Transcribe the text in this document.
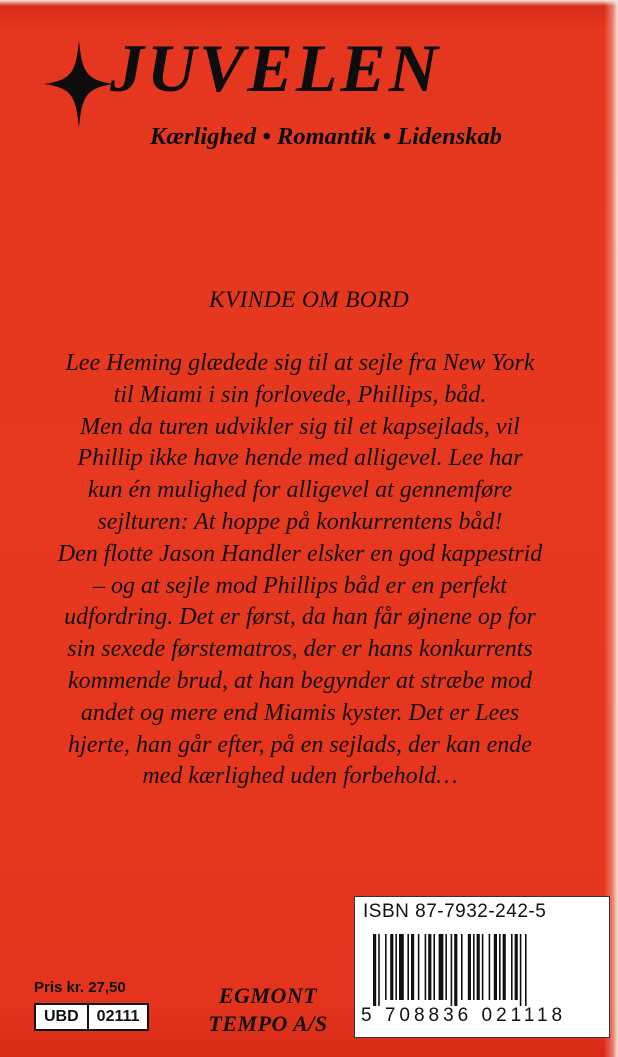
JUVELEN
Kærlighed • Romantik • Lidenskab
KVINDE OM BORD
Lee Heming glædede sig til at sejle fra New York
til Miami i sin forlovede, Phillips, båd.
Men da turen udvikler sig til et kapsejlads, vil
Phillip ikke have hende med alligevel. Lee har
kun én mulighed for alligevel at gennemføre
sejlturen: At hoppe på konkurrentens båd!
Den flotte Jason Handler elsker en god kappestrid
– og at sejle mod Phillips båd er en perfekt
udfordring. Det er først, da han får øjnene op for
sin sexede førstematros, der er hans konkurrents
kommende brud, at han begynder at stræbe mod
andet og mere end Miamis kyster. Det er Lees
hjerte, han går efter, på en sejlads, der kan ende
med kærlighed uden forbehold…
ISBN 87-7932-242-5
5 708836 021118
Pris kr. 27,50
UBD	02111
EGMONT
TEMPO A/S
